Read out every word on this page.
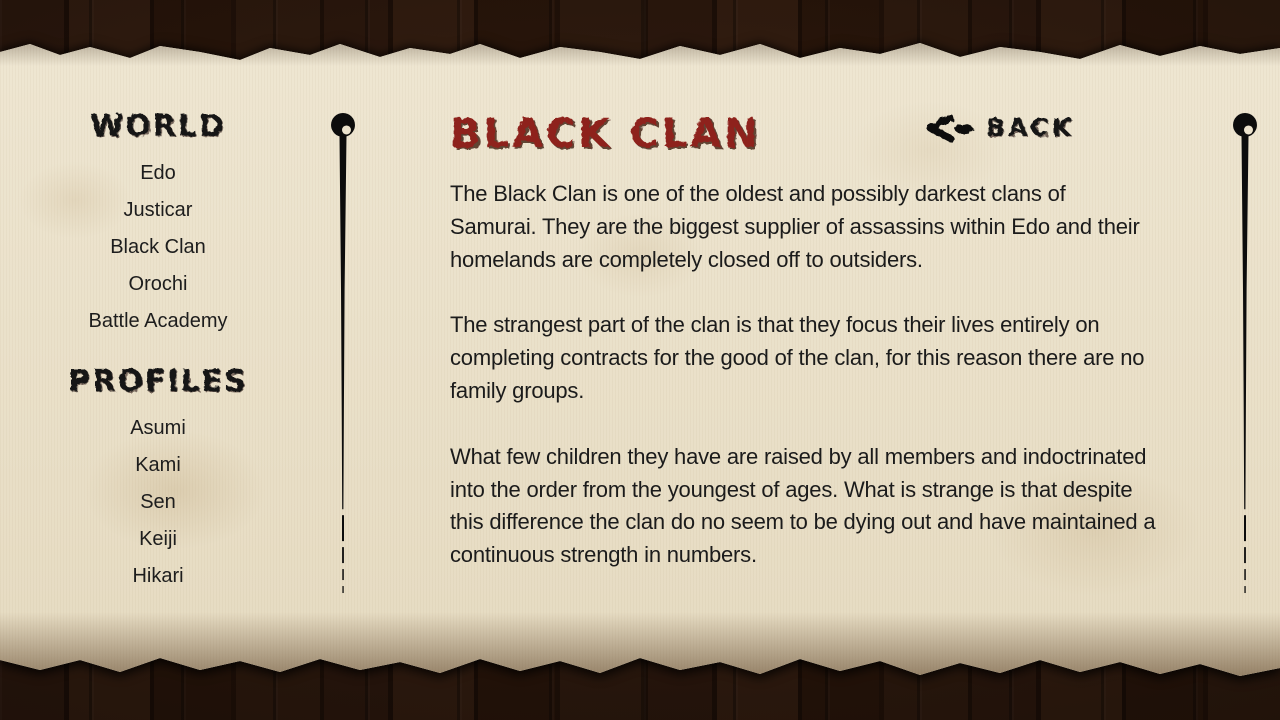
WORLD
Edo
Justicar
Black Clan
Orochi
Battle Academy
PROFILES
Asumi
Kami
Sen
Keiji
Hikari
BLACK CLAN	BACK

The Black Clan is one of the oldest and possibly darkest clans of Samurai. They are the biggest supplier of assassins within Edo and their homelands are completely closed off to outsiders.

The strangest part of the clan is that they focus their lives entirely on completing contracts for the good of the clan, for this reason there are no family groups.

What few children they have are raised by all members and indoctrinated into the order from the youngest of ages. What is strange is that despite this difference the clan do no seem to be dying out and have maintained a continuous strength in numbers.
